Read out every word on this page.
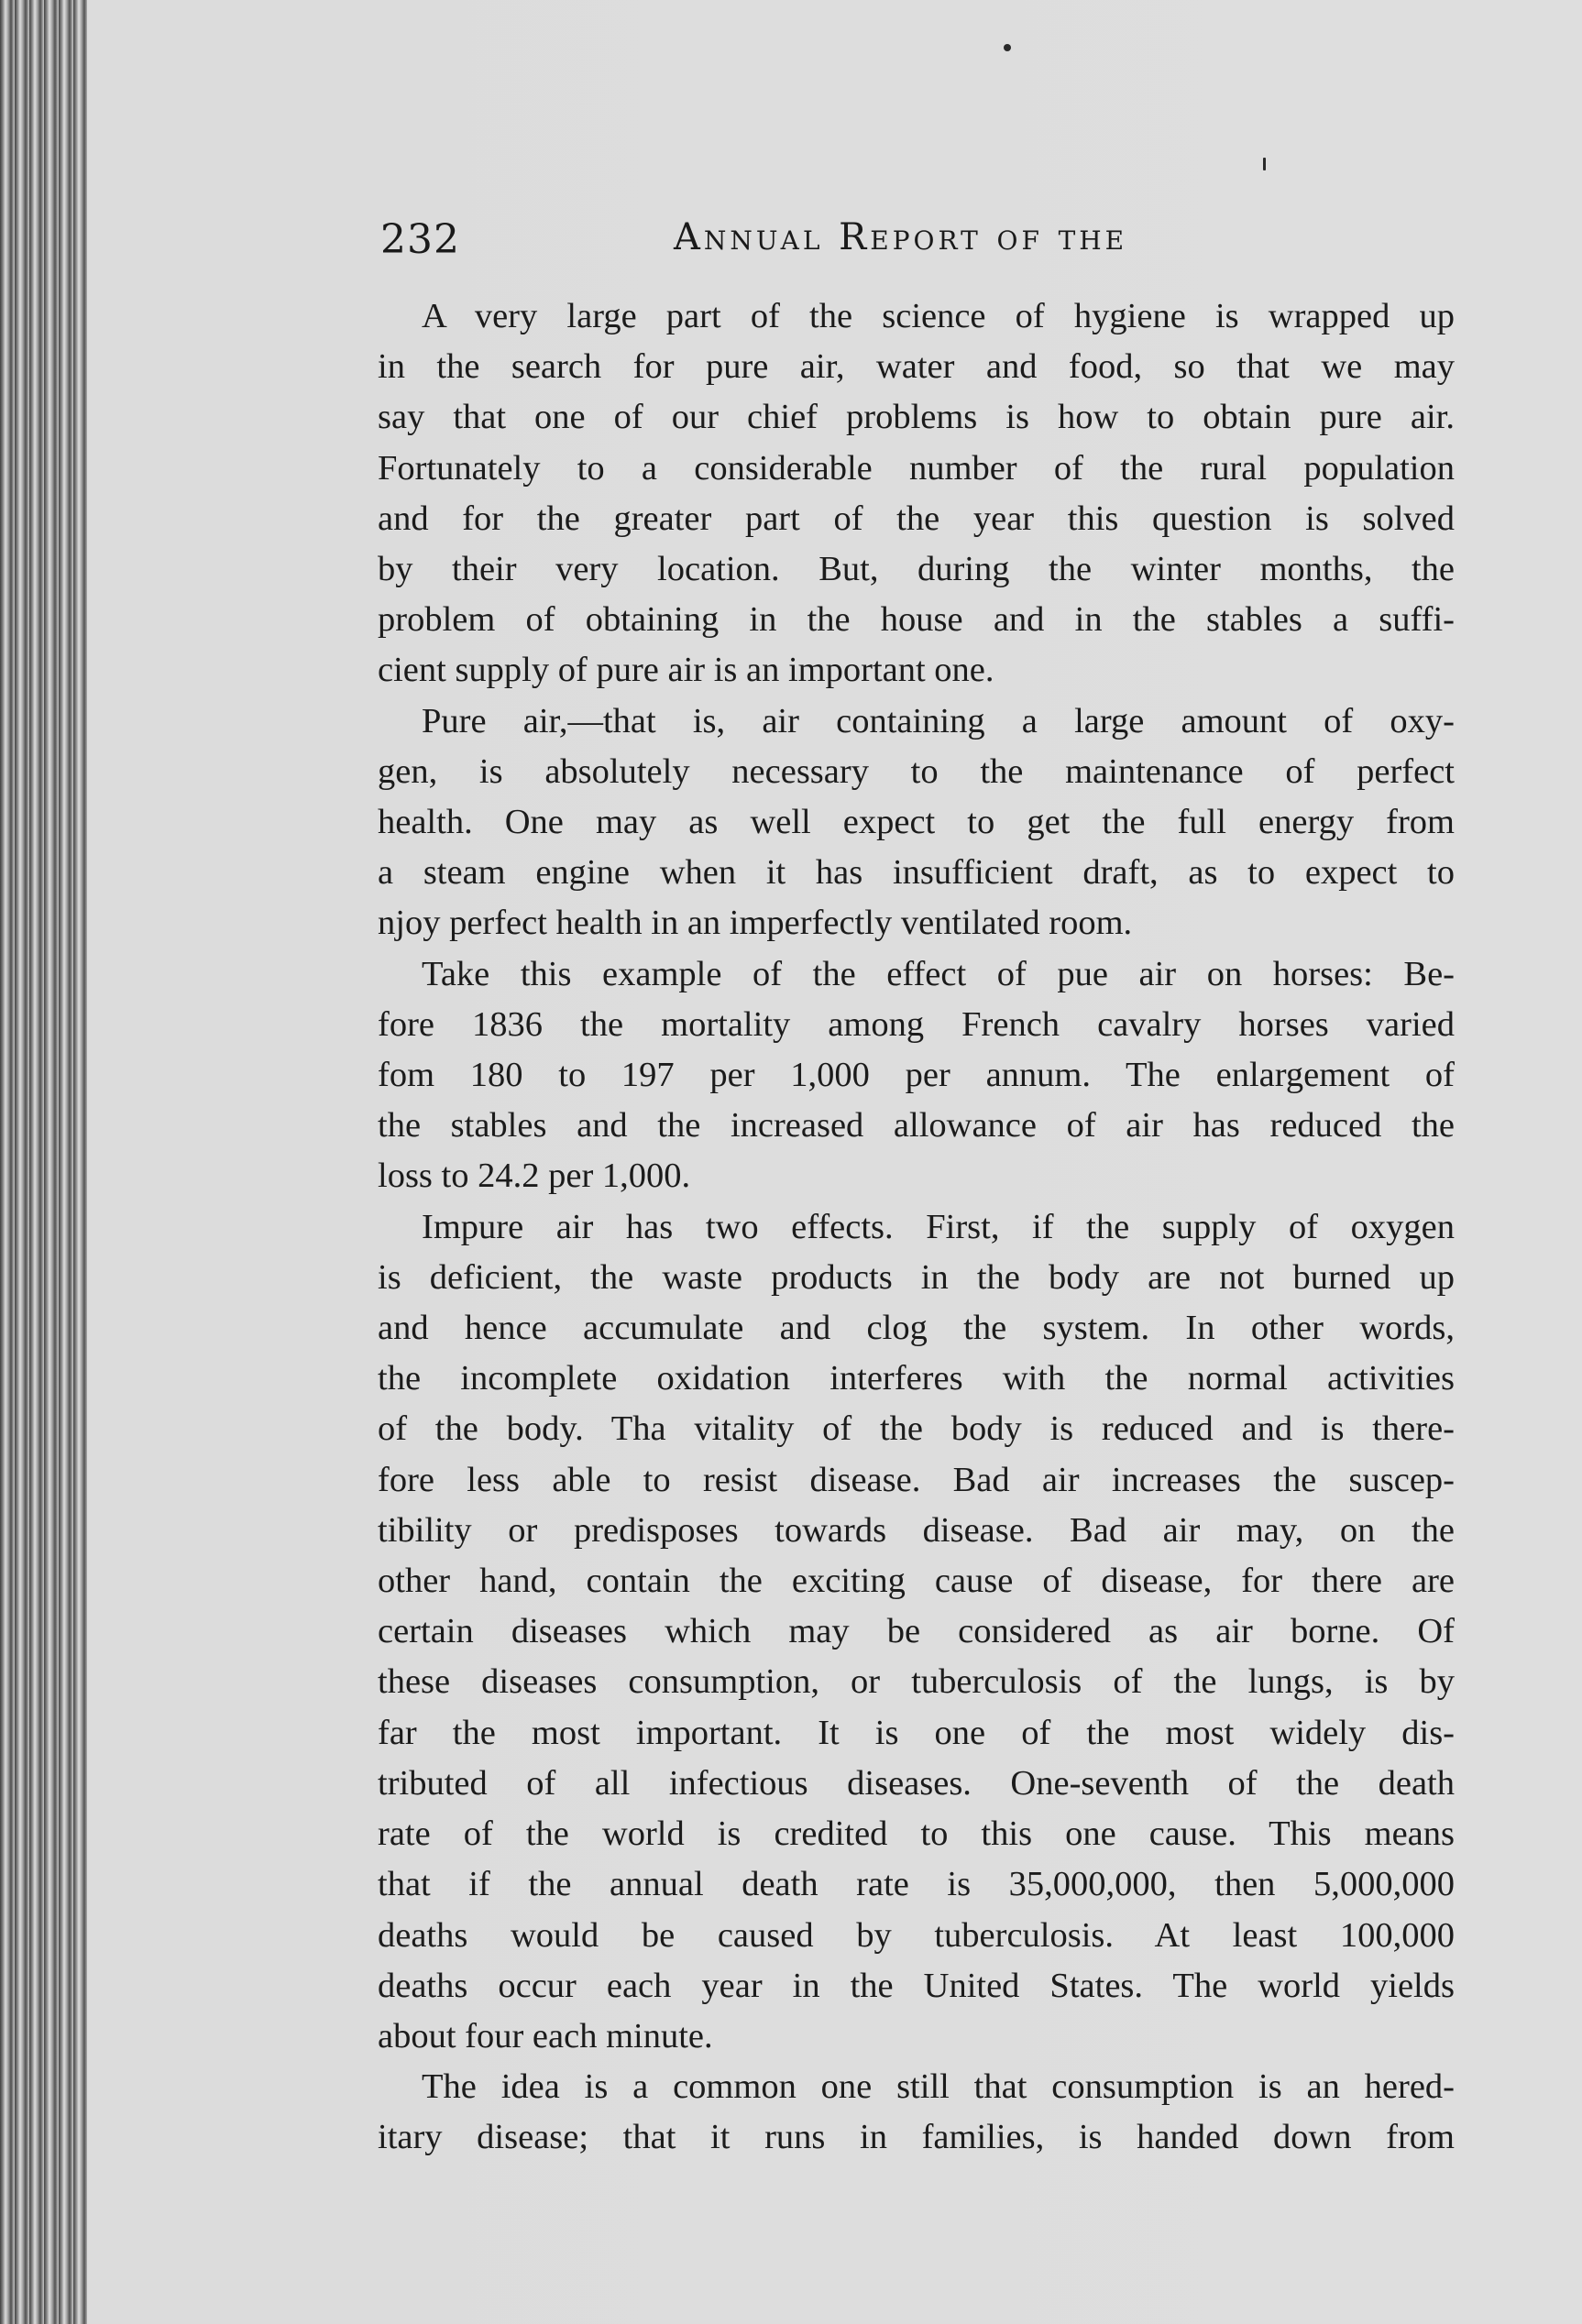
232	Annual Report of the

A very large part of the science of hygiene is wrapped up
in the search for pure air, water and food, so that we may
say that one of our chief problems is how to obtain pure air.
Fortunately to a considerable number of the rural population
and for the greater part of the year this question is solved
by their very location. But, during the winter months, the
problem of obtaining in the house and in the stables a suffi-
cient supply of pure air is an important one.

Pure air,—that is, air containing a large amount of oxy-
gen, is absolutely necessary to the maintenance of perfect
health. One may as well expect to get the full energy from
a steam engine when it has insufficient draft, as to expect to
njoy perfect health in an imperfectly ventilated room.

Take this example of the effect of pue air on horses: Be-
fore 1836 the mortality among French cavalry horses varied
fom 180 to 197 per 1,000 per annum. The enlargement of
the stables and the increased allowance of air has reduced the
loss to 24.2 per 1,000.

Impure air has two effects. First, if the supply of oxygen
is deficient, the waste products in the body are not burned up
and hence accumulate and clog the system. In other words,
the incomplete oxidation interferes with the normal activities
of the body. Tha vitality of the body is reduced and is there-
fore less able to resist disease. Bad air increases the suscep-
tibility or predisposes towards disease. Bad air may, on the
other hand, contain the exciting cause of disease, for there are
certain diseases which may be considered as air borne. Of
these diseases consumption, or tuberculosis of the lungs, is by
far the most important. It is one of the most widely dis-
tributed of all infectious diseases. One-seventh of the death
rate of the world is credited to this one cause. This means
that if the annual death rate is 35,000,000, then 5,000,000
deaths would be caused by tuberculosis. At least 100,000
deaths occur each year in the United States. The world yields
about four each minute.

The idea is a common one still that consumption is an hered-
itary disease; that it runs in families, is handed down from
